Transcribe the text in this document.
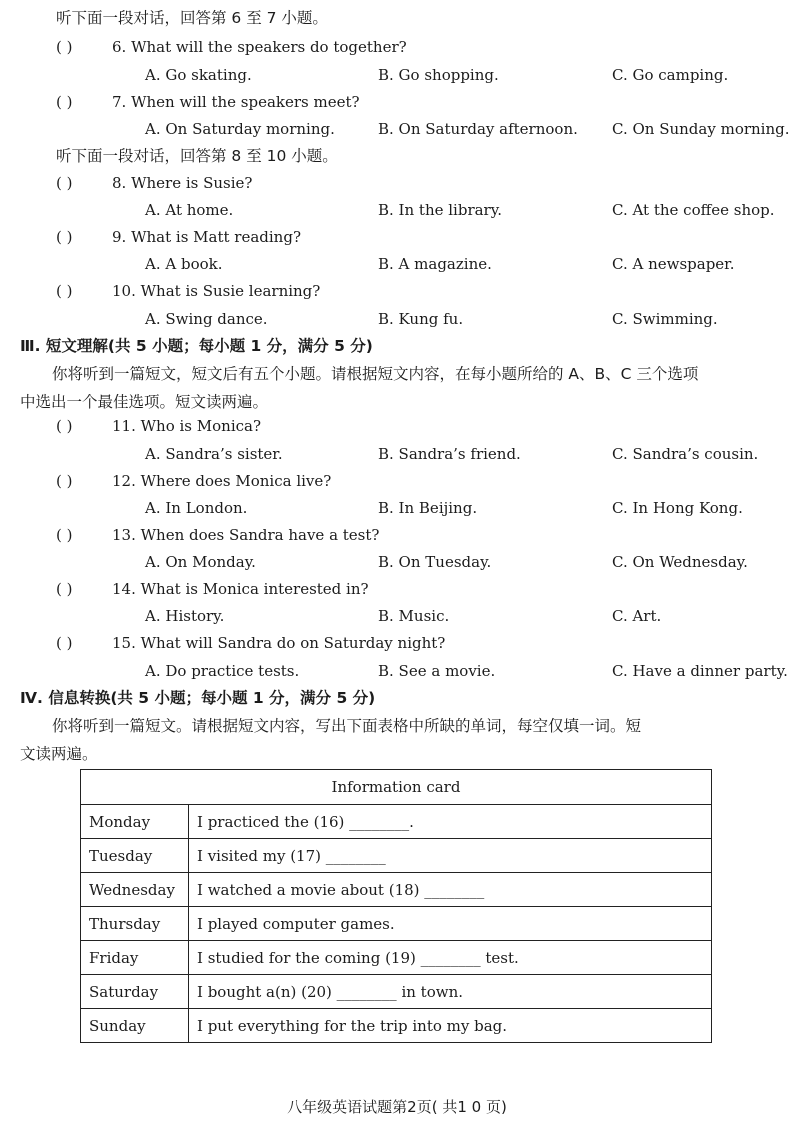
听下面一段对话，回答第 6 至 7 小题。
( )	6. What will the speakers do together?
A. Go skating.	B. Go shopping.	C. Go camping.
( )	7. When will the speakers meet?
A. On Saturday morning.	B. On Saturday afternoon. C. On Sunday morning.
听下面一段对话，回答第 8 至 10 小题。
( )	8. Where is Susie?
A. At home.	B. In the library.	C. At the coffee shop.
( )	9. What is Matt reading?
A. A book.	B. A magazine.	C. A newspaper.
( )	10. What is Susie learning?
A. Swing dance.	B. Kung fu.	C. Swimming.
Ⅲ. 短文理解(共 5 小题；每小题 1 分，满分 5 分)
你将听到一篇短文，短文后有五个小题。请根据短文内容，在每小题所给的 A、B、C 三个选项
中选出一个最佳选项。短文读两遍。
( )	11. Who is Monica?
A. Sandra’s sister.	B. Sandra’s friend.	C. Sandra’s cousin.
( )	12. Where does Monica live?
A. In London.	B. In Beijing.	C. In Hong Kong.
( )	13. When does Sandra have a test?
A. On Monday.	B. On Tuesday.	C. On Wednesday.
( )	14. What is Monica interested in?
A. History.	B. Music.	C. Art.
( )	15. What will Sandra do on Saturday night?
A. Do practice tests.	B. See a movie.	C. Have a dinner party.
Ⅳ. 信息转换(共 5 小题；每小题 1 分，满分 5 分)
你将听到一篇短文。请根据短文内容，写出下面表格中所缺的单词，每空仅填一词。短
文读两遍。
Information card	
Monday	I practiced the (16) ________.
Tuesday	I visited my (17) ________
Wednesday	I watched a movie about (18) ________
Thursday	I played computer games.
Friday	I studied for the coming (19) ________ test.
Saturday	I bought a(n) (20) ________ in town.
Sunday	I put everything for the trip into my bag.
八年级英语试题第2页( 共1 0 页)
